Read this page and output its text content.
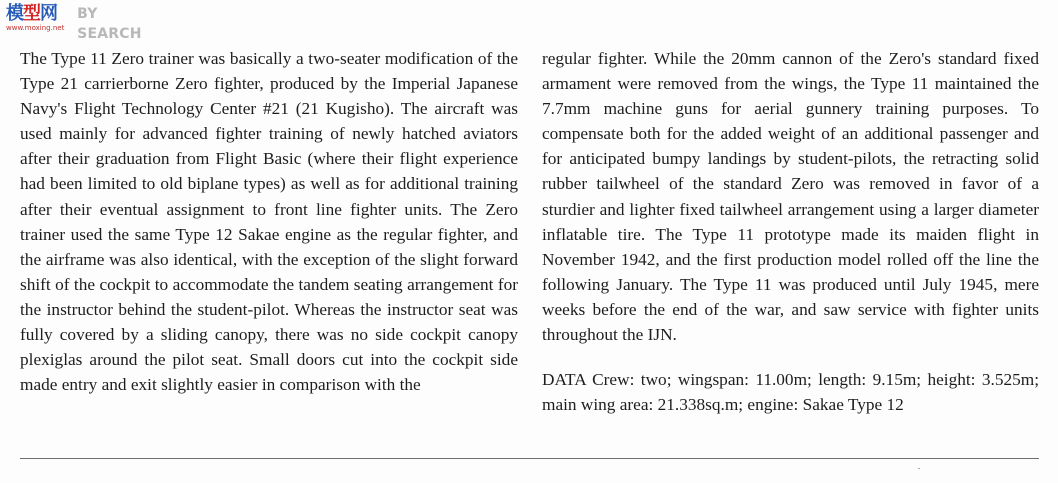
模型网
www.moxing.net
BY SEARCH

The Type 11 Zero trainer was basically a two-seater modification of the Type 21 carrierborne Zero fighter, produced by the Imperial Japanese Navy's Flight Technology Center #21 (21 Kugisho). The aircraft was used mainly for advanced fighter training of newly hatched aviators after their graduation from Flight Basic (where their flight experience had been limited to old biplane types) as well as for additional training after their eventual assignment to front line fighter units. The Zero trainer used the same Type 12 Sakae engine as the regular fighter, and the airframe was also identical, with the exception of the slight forward shift of the cockpit to accommodate the tandem seating arrangement for the instructor behind the student-pilot. Whereas the instructor seat was fully covered by a sliding canopy, there was no side cockpit canopy plexiglas around the pilot seat. Small doors cut into the cockpit side made entry and exit slightly easier in comparison with the

regular fighter. While the 20mm cannon of the Zero's standard fixed armament were removed from the wings, the Type 11 maintained the 7.7mm machine guns for aerial gunnery training purposes. To compensate both for the added weight of an additional passenger and for anticipated bumpy landings by student-pilots, the retracting solid rubber tailwheel of the standard Zero was removed in favor of a sturdier and lighter fixed tailwheel arrangement using a larger diameter inflatable tire. The Type 11 prototype made its maiden flight in November 1942, and the first production model rolled off the line the following January. The Type 11 was produced until July 1945, mere weeks before the end of the war, and saw service with fighter units throughout the IJN.

DATA Crew: two; wingspan: 11.00m; length: 9.15m; height: 3.525m; main wing area: 21.338sq.m; engine: Sakae Type 12
